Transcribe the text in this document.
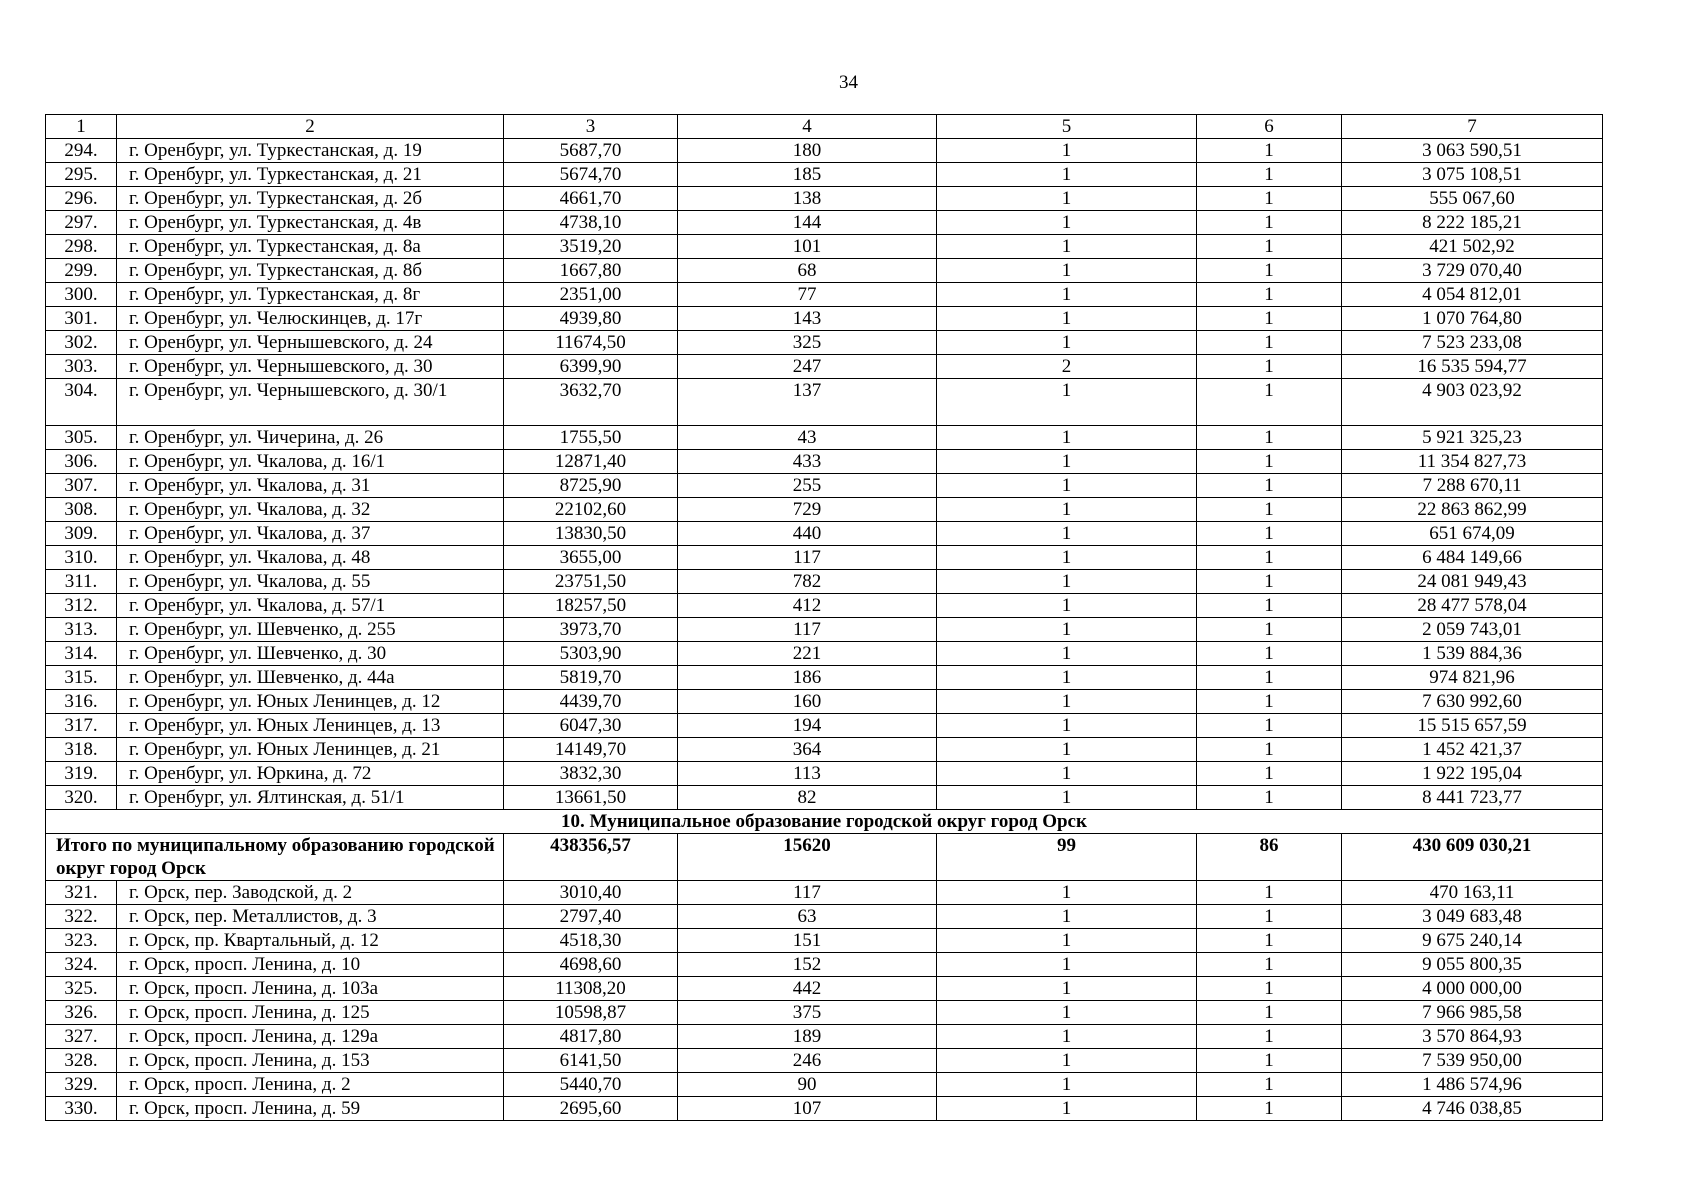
34
1	2	3	4	5	6	7
294.	г. Оренбург, ул. Туркестанская, д. 19	5687,70	180	1	1	3 063 590,51
295.	г. Оренбург, ул. Туркестанская, д. 21	5674,70	185	1	1	3 075 108,51
296.	г. Оренбург, ул. Туркестанская, д. 2б	4661,70	138	1	1	555 067,60
297.	г. Оренбург, ул. Туркестанская, д. 4в	4738,10	144	1	1	8 222 185,21
298.	г. Оренбург, ул. Туркестанская, д. 8а	3519,20	101	1	1	421 502,92
299.	г. Оренбург, ул. Туркестанская, д. 8б	1667,80	68	1	1	3 729 070,40
300.	г. Оренбург, ул. Туркестанская, д. 8г	2351,00	77	1	1	4 054 812,01
301.	г. Оренбург, ул. Челюскинцев, д. 17г	4939,80	143	1	1	1 070 764,80
302.	г. Оренбург, ул. Чернышевского, д. 24	11674,50	325	1	1	7 523 233,08
303.	г. Оренбург, ул. Чернышевского, д. 30	6399,90	247	2	1	16 535 594,77
304.	г. Оренбург, ул. Чернышевского, д. 30/1	3632,70	137	1	1	4 903 023,92
305.	г. Оренбург, ул. Чичерина, д. 26	1755,50	43	1	1	5 921 325,23
306.	г. Оренбург, ул. Чкалова, д. 16/1	12871,40	433	1	1	11 354 827,73
307.	г. Оренбург, ул. Чкалова, д. 31	8725,90	255	1	1	7 288 670,11
308.	г. Оренбург, ул. Чкалова, д. 32	22102,60	729	1	1	22 863 862,99
309.	г. Оренбург, ул. Чкалова, д. 37	13830,50	440	1	1	651 674,09
310.	г. Оренбург, ул. Чкалова, д. 48	3655,00	117	1	1	6 484 149,66
311.	г. Оренбург, ул. Чкалова, д. 55	23751,50	782	1	1	24 081 949,43
312.	г. Оренбург, ул. Чкалова, д. 57/1	18257,50	412	1	1	28 477 578,04
313.	г. Оренбург, ул. Шевченко, д. 255	3973,70	117	1	1	2 059 743,01
314.	г. Оренбург, ул. Шевченко, д. 30	5303,90	221	1	1	1 539 884,36
315.	г. Оренбург, ул. Шевченко, д. 44а	5819,70	186	1	1	974 821,96
316.	г. Оренбург, ул. Юных Ленинцев, д. 12	4439,70	160	1	1	7 630 992,60
317.	г. Оренбург, ул. Юных Ленинцев, д. 13	6047,30	194	1	1	15 515 657,59
318.	г. Оренбург, ул. Юных Ленинцев, д. 21	14149,70	364	1	1	1 452 421,37
319.	г. Оренбург, ул. Юркина, д. 72	3832,30	113	1	1	1 922 195,04
320.	г. Оренбург, ул. Ялтинская, д. 51/1	13661,50	82	1	1	8 441 723,77
10. Муниципальное образование городской округ город Орск						
Итого по муниципальному образованию городской округ город Орск		438356,57	15620	99	86	430 609 030,21
321.	г. Орск, пер. Заводской, д. 2	3010,40	117	1	1	470 163,11
322.	г. Орск, пер. Металлистов, д. 3	2797,40	63	1	1	3 049 683,48
323.	г. Орск, пр. Квартальный, д. 12	4518,30	151	1	1	9 675 240,14
324.	г. Орск, просп. Ленина, д. 10	4698,60	152	1	1	9 055 800,35
325.	г. Орск, просп. Ленина, д. 103а	11308,20	442	1	1	4 000 000,00
326.	г. Орск, просп. Ленина, д. 125	10598,87	375	1	1	7 966 985,58
327.	г. Орск, просп. Ленина, д. 129а	4817,80	189	1	1	3 570 864,93
328.	г. Орск, просп. Ленина, д. 153	6141,50	246	1	1	7 539 950,00
329.	г. Орск, просп. Ленина, д. 2	5440,70	90	1	1	1 486 574,96
330.	г. Орск, просп. Ленина, д. 59	2695,60	107	1	1	4 746 038,85
